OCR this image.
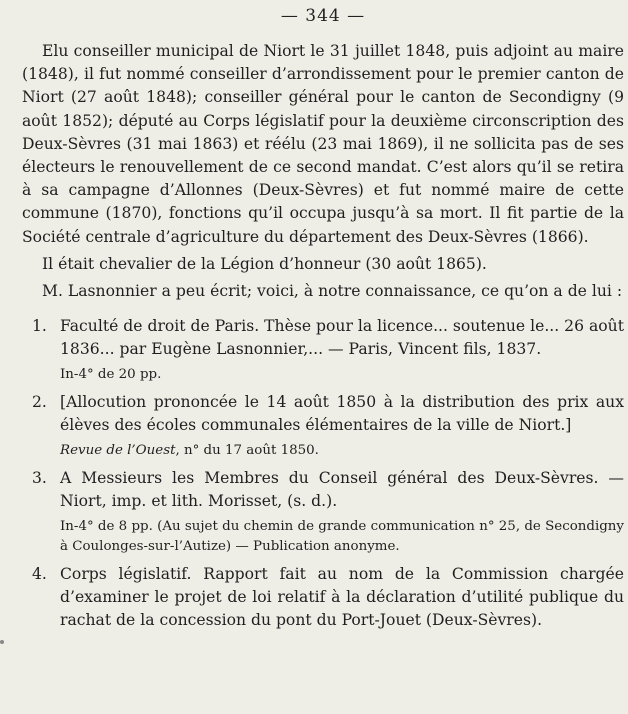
— 344 —

Elu conseiller municipal de Niort le 31 juillet 1848, puis adjoint au maire (1848), il fut nommé conseiller d’arrondissement pour le premier canton de Niort (27 août 1848); conseiller général pour le canton de Secondigny (9 août 1852); député au Corps législatif pour la deuxième circonscription des Deux-Sèvres (31 mai 1863) et réélu (23 mai 1869), il ne sollicita pas de ses électeurs le renouvellement de ce second mandat. C’est alors qu’il se retira à sa campagne d’Allonnes (Deux-Sèvres) et fut nommé maire de cette commune (1870), fonctions qu’il occupa jusqu’à sa mort. Il fit partie de la Société centrale d’agriculture du département des Deux-Sèvres (1866).

Il était chevalier de la Légion d’honneur (30 août 1865).

M. Lasnonnier a peu écrit; voici, à notre connaissance, ce qu’on a de lui :

1. Faculté de droit de Paris. Thèse pour la licence... soutenue le... 26 août 1836... par Eugène Lasnonnier,... — Paris, Vincent fils, 1837.
In-4° de 20 pp.
2. [Allocution prononcée le 14 août 1850 à la distribution des prix aux élèves des écoles communales élémentaires de la ville de Niort.]
Revue de l’Ouest, n° du 17 août 1850.
3. A Messieurs les Membres du Conseil général des Deux-Sèvres. — Niort, imp. et lith. Morisset, (s. d.).
In-4° de 8 pp. (Au sujet du chemin de grande communication n° 25, de Secondigny à Coulonges-sur-l’Autize) — Publication anonyme.
4. Corps législatif. Rapport fait au nom de la Commission chargée d’examiner le projet de loi relatif à la déclaration d’utilité publique du rachat de la concession du pont du Port-Jouet (Deux-Sèvres).
